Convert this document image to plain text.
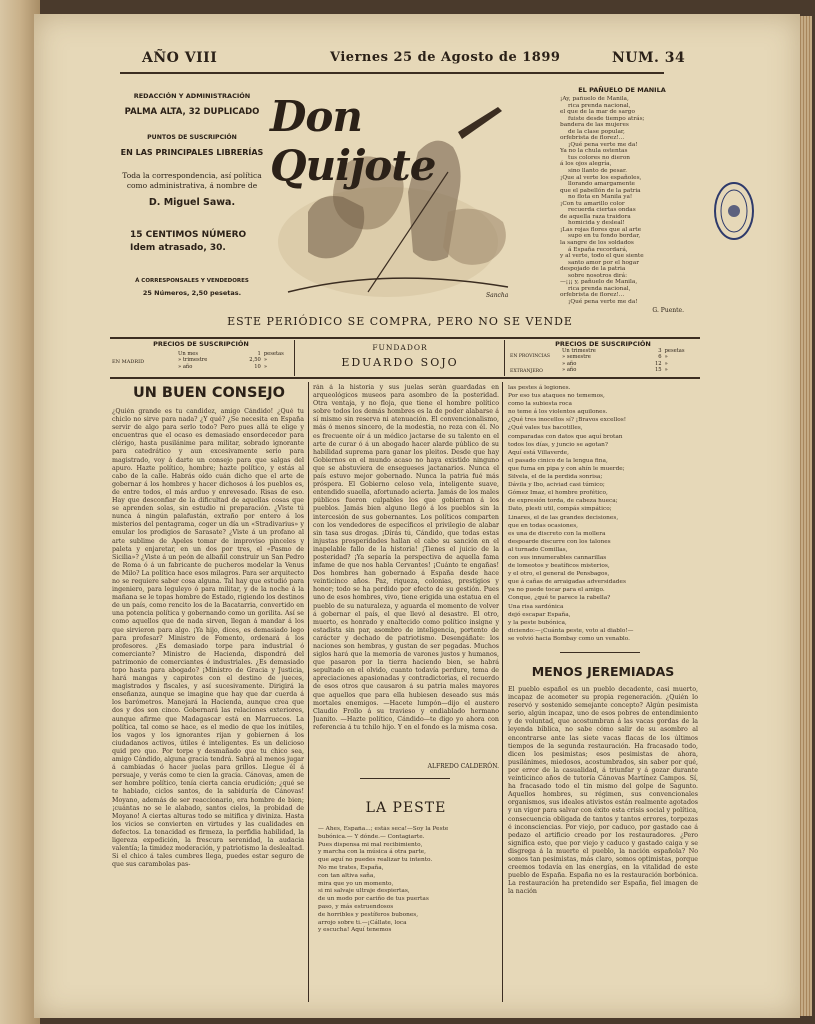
AÑO VIII	Viernes 25 de Agosto de 1899	NUM. 34
REDACCIÓN Y ADMINISTRACIÓN
PALMA ALTA, 32 DUPLICADO
PUNTOS DE SUSCRIPCIÓN
EN LAS PRINCIPALES LIBRERÍAS
Toda la correspondencia, así política como administrativa, á nombre de
D. Miguel Sawa.
15 CENTIMOS NÚMERO
Idem atrasado, 30.
Á CORRESPONSALES Y VENDEDORES
25 Números, 2,50 pesetas.
Don Quijote
Sancha
EL PAÑUELO DE MANILA
¡Ay, pañuelo de Manila,
rica prenda nacional,
el que de la mar de sargo
fuiste desde tiempo atrás;
bandera de las mujeres
de la clase popular,
orfebrista de florez!...
¡Qué pena verte me da!
Ya no la chula ostentas
tus colores no dieron
á los ojos alegría,
sino llanto de pesar.
¡Que al verte los españoles,
llorando amargamente
que el pabellón de la patria
no flota en Manila ya!
¡Con tu amarillo color
recuerda ciertas ondas
de aquella raza traidora
homicida y desleal!
¡Las rojas flores que al arte
supo en tu fondo bordar,
la sangre de los soldados
á España recordará,
y al verte, todo el que siente
santo amor por el hogar
despojado de la patria
sobre nosotros dirá:
—¡¡¡ y, pañuelo de Manila,
rica prenda nacional,
orfebrista de florez!...
¡Qué pena verte me da!
G. Puente.
ESTE PERIÓDICO SE COMPRA, PERO NO SE VENDE
PRECIOS DE SUSCRIPCIÓN
EN MADRID
Un mes	1 pesetas
» trimestre	2,50 »
» año	10 »
FUNDADOR
EDUARDO SOJO
PRECIOS DE SUSCRIPCIÓN
EN PROVINCIAS
EXTRANJERO
Un trimestre	3 pesetas
» semestre	6 »
» año	12 »
» año	15 »
UN BUEN CONSEJO
¿Quién grande es tu candidez, amigo Cándido! ¿Qué tu chiclo no sirve para nada? ¿Y qué? ¿Se necesita en España servir de algo para serlo todo? Pero pues allá te elige y encuentras que el ocaso es demasiado ensordecedor para clérigo, hasta pusilánime para militar, sobrado ignorante para catedrático y aun excesivamente serio para magistrado, voy á darte un consejo para que salgas del apuro. Hazte político, hombre; hazte político, y estás al cabo de la calle. Habrás oído cuán dicho que el arte de gobernar á los hombres y hacer dichosos á los pueblos es, de entre todos, el más arduo y enrevesado. Risas de eso. Hay que desconfiar de la dificultad de aquellas cosas que se aprenden solas, sin estudio ni preparación. ¿Viste tú nunca á ningún palafustán, extraño por entero á los misterios del pentagrama, coger un día un «Stradivarius» y emular los prodigios de Sarasate? ¿Viste á un profano al arte sublime de Apeles tomar de improviso pinceles y paleta y enjaretar, en un dos por tres, el «Pasmo de Sicilia»? ¿Viste á un peón de albañil construir un San Pedro de Roma ó á un fabricante de pucheros modelar la Venus de Milo? La política hace esos milagros. Para ser arquitecto no se requiere saber cosa alguna. Tal hay que estudió para ingeniero, para leguleyo ó para militar, y de la noche á la mañana se le topas hombre de Estado, rigiendo los destinos de un país, como rencito los de la Bacatarria, convertido en una potencia política y gobernando como un gorilita. Así se como aquellos que de nada sirven, llegan á mandar á los que sirvieron para algo. ¡Ya hijo, dices, es demasiado lego para profesar? Ministro de Fomento, ordenará á los profesores. ¿Es demasiado torpe para industrial ó comerciante? Ministro de Hacienda, dispondrá del patrimonio de comerciantes é industriales. ¿Es demasiado topo hasta para abogado? ¡Ministro de Gracia y Justicia, hará mangas y capirotes con el destino de jueces, magistrados y fiscales, y así sucesivamente. Dirigirá la enseñanza, aunque se imagine que hay que dar cuerda á los barómetros. Manejará la Hacienda, aunque crea que dos y dos son cinco. Gobernará las relaciones exteriores, aunque afirme que Madagascar está en Marruecos. La política, tal como se hace, es el medio de que los inútiles, los vagos y los ignorantes rijan y gobiernen á los ciudadanos activos, útiles é inteligentes. Es un delicioso quid pro quo. Por torpe y desmañado que tu chico sea, amigo Cándido, alguna gracia tendrá. Sabrá al menos jugar á cambiadas ó hacer juelas para grillos. Llegue él á persuaje, y verás como te cien la gracia. Cánovas, amen de ser hombre político, tenía cierta cancia erudición; ¿qué se te habiado, ciclos santos, de la sabiduría de Cánovas! Moyano, además de ser reaccionario, era hombre de bien; ¡cuántas no se le alabado, santos cielos, la probidad de Moyano! A ciertas alturas todo se mitifica y diviniza. Hasta los vicios se convierten en virtudes y las cualidades en defectos. La tenacidad es firmeza, la perfidia habilidad, la ligereza expedición, la frescura serenidad, la audacia valentía; la timidez moderación, y patriotismo la deslealtad. Si el chico á tales cumbres llega, puedes estar seguro de que sus carambolas pas-
rán á la historia y sus juelas serán guardadas en arqueológicos museos para asombro de la posteridad. Otra ventaja, y no floja, que tiene el hombre político sobre todos los demás hombres es la de poder alabarse á sí mismo sin reserva ni atenuación. El convencionalismo, más ó menos sincero, de la modestia, no reza con él. No es frecuente oír á un médico jactarse de su talento en el arte de curar ó á un abogado hacer alarde público de su habilidad suprema para ganar los pleitos. Desde que hay Gobiernos en el mundo acaso no haya existido ninguno que se abstuviera de ensegueses jactanarios. Nunca el país estuvo mejor gobernado. Nunca la patria fué más próspera. El Gobierno celoso vela, inteligente suave, entendido suaella, afortunado acierta. Jamás de los males públicos fueron culpables los que gobiernan á los pueblos. Jamás bien alguno llegó á los pueblos sin la intercesión de sus gobernantes. Los políticos comparten con los vendedores de específicos el privilegio de alabar sin tasa sus drogas. ¡Dírás tú, Cándido, que todas estas injustas prosperidades hallan el cabo su sanción en el inapelable fallo de la historia! ¡Tienes el juicio de la posteridad? ¡Ya separía la perspectiva de aquella fama infame de que nos habla Cervantes! ¡Cuánto te engañas! Dos hombres han gobernado á España desde hace veinticinco años. Paz, riqueza, colonias, prestigios y honor; todo se ha perdido por efecto de su gestión. Pues uno de esos hombres, vivo, tiene erigida una estatua en el pueblo de su naturaleza, y aguarda el momento de volver á gobernar el país, el que llevó al desastre. El otro, muerto, es honrado y enaltecido como político insigne y estadista sin par, asombro de inteligencia, portento de carácter y dechado de patriotismo. Desengáñate: los naciones son hembras, y gustan de ser pegadas. Muchos siglos hará que la memoria de varones justos y humanos, que pasaron por la tierra haciendo bien, se habrá sepultado en el olvido, cuanto todavía perdure, tema de apreciaciones apasionadas y contradictorias, el recuerdo de esos otros que causaron á su patria males mayores que aquellos que para ella hubiesen deseado sus más mortales enemigos. —Hacete lumpón—dijo el austero Claudio Frollo á su travieso y endiablado hermano Juanito. —Hazte político, Cándido—te digo yo ahora con referencia á tu tchilo hijo. Y en el fondo es la misma cosa.
ALFREDO CALDERÓN.
LA PESTE
— Ahes, España...; estás seca!—Soy la Peste
bubónica.— Y dónde.— Contagiarte.
Pues dispensa mi mal recibimiento,
y marcha con la música á otra parte,
que aquí no puedes realizar tu intento.
No me trates, España,
con tan altiva saña,
mira que yo un momento,
si mi salvaje ultraje despiertas,
de un modo por cariño de tus puertas
paso, y más estruendosos
de horribles y pestíferos bubones,
arrojo sobre ti.—¡Cállate, loca
y escucha! Aquí tenemos
las pestes á legiones.
Por eso tus ataques no tememos,
como la subiesta roca
no teme á los violentos aquilones.
¿Qué tres inocellos sí? ¡Bravos excellos!
¿Qué vales tus bacotilles,
comparadas con datos que aquí brotan
todos los días, y juncio se agotan?
Aquí está Villaverde,
el pasado cinico de la lengua fina,
que fuma en pipa y con ahín le muerde;
Silvela, el de la perdida sonrisa;
Dávila y Ibo, aciviad casi túmico;
Gómez Imaz, el hombre profético,
de expresión torda, de cabeza hueca;
Dato, plesti util, compás simpático;
Linares, el de las grandes decisiones,
que en todas ocasiones,
es una de discreto con la mollera
despoarde discurre con los talones
al turnado Comillas,
con sus innumerables cannarillas
de lomeotos y beatíficos misterios,
y el otro, el general de Pensbagos,
que á cañas de arraigadas adversidades
ya no puede tocar para el amigo.
Conque, ¿qué te parece la rabella?
Una risa sardónica
dejó escapar España,
y la peste bubónica,
diciendo:—¡Cuánta peste, voto al diablo!—
se volvió hacia Bombay como un venablo.
MENOS JEREMIADAS
El pueblo español es un pueblo decadente, casi muerto, incapaz de acometer su propia regeneración. ¿Quién lo reservó y sostenido semejante concepto? Algún pesimista serio, algún incapaz, uno de esos pobres de entendimiento y de voluntad, que acostumbran á las vacas gordas de la leyenda bíblica, no sabe cómo salir de su asombro al encontrarse ante las siete vacas flacas de los últimos tiempos de la segunda restauración. Ha fracasado todo, dicen los pesimistas; esos pesimistas de ahora, pusilánimes, miedosos, acostumbrados, sin saber por qué, por error de la casualidad, á triunfar y á gozar durante veinticinco años de tutoría Cánovas Martínez Campos. Sí, ha fracasado todo el tin mismo del golpe de Sagunto. Aquellos hombres, su régimen, sus convencionales organismos, sus ideales ativistos están realmente agotados y un vigor para salvar con éxito esta crisis social y política, consecuencia obligada de tantos y tantos errores, torpezas é inconsciencias. Por viejo, por caduco, por gastado cae á pedazo el artificio creado por los restauradores. ¿Pero significa esto, que por viejo y caduco y gastado caiga y se disgrega á la muerte el pueblo, la nación española? No somos tan pesimistas, más claro, somos optimistas, porque creemos todavía en las energías, en la vitalidad de este pueblo de España. España no es la restauración borbónica. La restauración ha pretendido ser España, fiel imagen de la nación
